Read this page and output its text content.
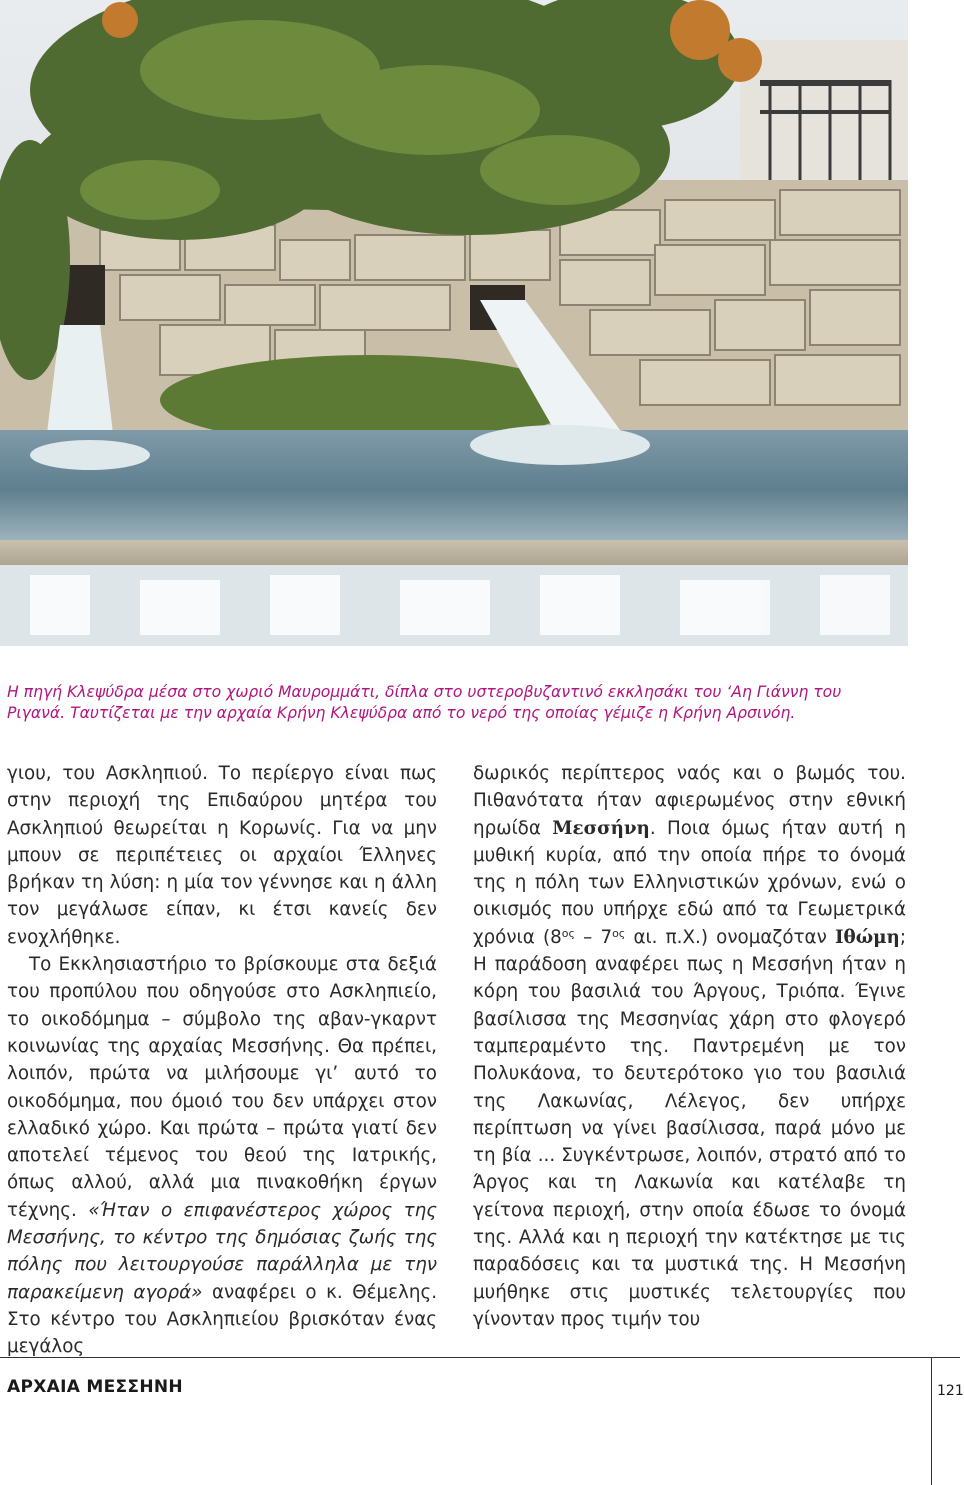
Η πηγή Κλεψύδρα μέσα στο χωριό Μαυρομμάτι, δίπλα στο υστεροβυζαντινό εκκλησάκι του ‘Αη Γιάννη του Ριγανά. Ταυτίζεται με την αρχαία Κρήνη Κλεψύδρα από το νερό της οποίας γέμιζε η Κρήνη Αρσινόη.

γιου, του Ασκληπιού. Το περίεργο είναι πως στην περιοχή της Επιδαύρου μητέρα του Ασκληπιού θεωρείται η Κορωνίς. Για να μην μπουν σε περιπέτειες οι αρχαίοι Έλληνες βρήκαν τη λύση: η μία τον γέννησε και η άλλη τον μεγάλωσε είπαν, κι έτσι κανείς δεν ενοχλήθηκε.

Το Εκκλησιαστήριο το βρίσκουμε στα δεξιά του προπύλου που οδηγούσε στο Ασκληπιείο, το οικοδόμημα – σύμβολο της αβαν-γκαρντ κοινωνίας της αρχαίας Μεσσήνης. Θα πρέπει, λοιπόν, πρώτα να μιλήσουμε γι’ αυτό το οικοδόμημα, που όμοιό του δεν υπάρχει στον ελλαδικό χώρο. Και πρώτα – πρώτα γιατί δεν αποτελεί τέμενος του θεού της Ιατρικής, όπως αλλού, αλλά μια πινακοθήκη έργων τέχνης. «Ήταν ο επιφανέστερος χώρος της Μεσσήνης, το κέντρο της δημόσιας ζωής της πόλης που λειτουργούσε παράλληλα με την παρακείμενη αγορά» αναφέρει ο κ. Θέμελης. Στο κέντρο του Ασκληπιείου βρισκόταν ένας μεγάλος

δωρικός περίπτερος ναός και ο βωμός του. Πιθανότατα ήταν αφιερωμένος στην εθνική ηρωίδα Μεσσήνη. Ποια όμως ήταν αυτή η μυθική κυρία, από την οποία πήρε το όνομά της η πόλη των Ελληνιστικών χρόνων, ενώ ο οικισμός που υπήρχε εδώ από τα Γεωμετρικά χρόνια ($8^{o\varsigma} - 7^{o\varsigma}$ αι. π.Χ.) ονομαζόταν Ιθώμη; Η παράδοση αναφέρει πως η Μεσσήνη ήταν η κόρη του βασιλιά του Άργους, Τριόπα. Έγινε βασίλισσα της Μεσσηνίας χάρη στο φλογερό ταμπεραμέντο της. Παντρεμένη με τον Πολυκάονα, το δευτερότοκο γιο του βασιλιά της Λακωνίας, Λέλεγος, δεν υπήρχε περίπτωση να γίνει βασίλισσα, παρά μόνο με τη βία ... Συγκέντρωσε, λοιπόν, στρατό από το Άργος και τη Λακωνία και κατέλαβε τη γείτονα περιοχή, στην οποία έδωσε το όνομά της. Αλλά και η περιοχή την κατέκτησε με τις παραδόσεις και τα μυστικά της. Η Μεσσήνη μυήθηκε στις μυστικές τελετουργίες που γίνονταν προς τιμήν του

ΑΡΧΑΙΑ ΜΕΣΣΗΝΗ	121
